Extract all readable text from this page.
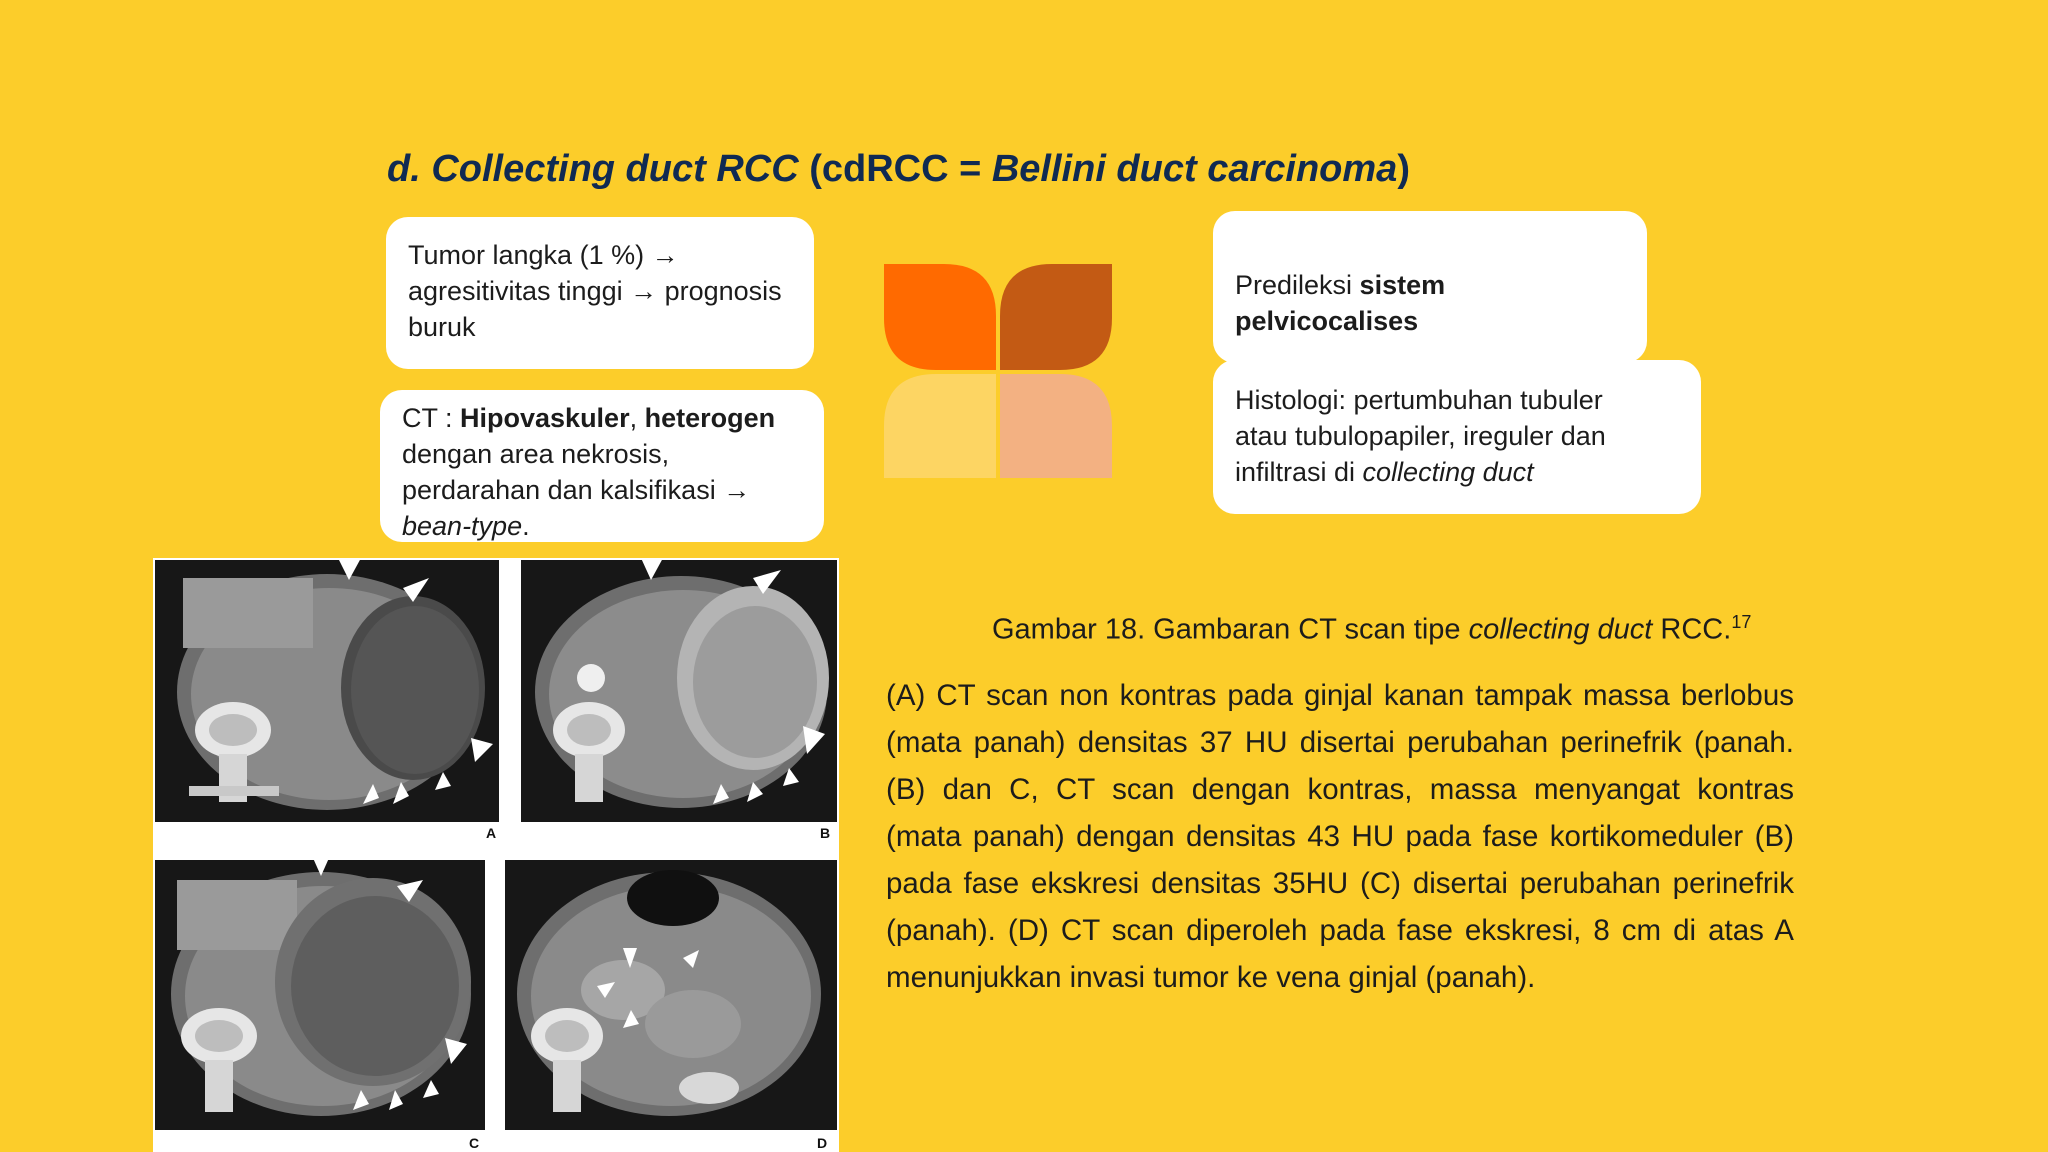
d. Collecting duct RCC (cdRCC = Bellini duct carcinoma)
Tumor langka (1 %) →
agresitivitas tinggi → prognosis
buruk
CT : Hipovaskuler, heterogen
dengan area nekrosis,
perdarahan dan kalsifikasi →
bean-type.
Predileksi sistem pelvicocalises
Histologi: pertumbuhan tubuler
atau tubulopapiler, ireguler dan
infiltrasi di collecting duct
A	B
C	D
Gambar 18. Gambaran CT scan tipe collecting duct RCC.$^{17}$
(A) CT scan non kontras pada ginjal kanan tampak massa berlobus (mata panah) densitas 37 HU disertai perubahan perinefrik (panah. (B) dan C, CT scan dengan kontras, massa menyangat kontras (mata panah) dengan densitas 43 HU pada fase kortikomeduler (B) pada fase ekskresi densitas 35HU (C) disertai perubahan perinefrik (panah). (D) CT scan diperoleh pada fase ekskresi, 8 cm di atas A menunjukkan invasi tumor ke vena ginjal (panah).
